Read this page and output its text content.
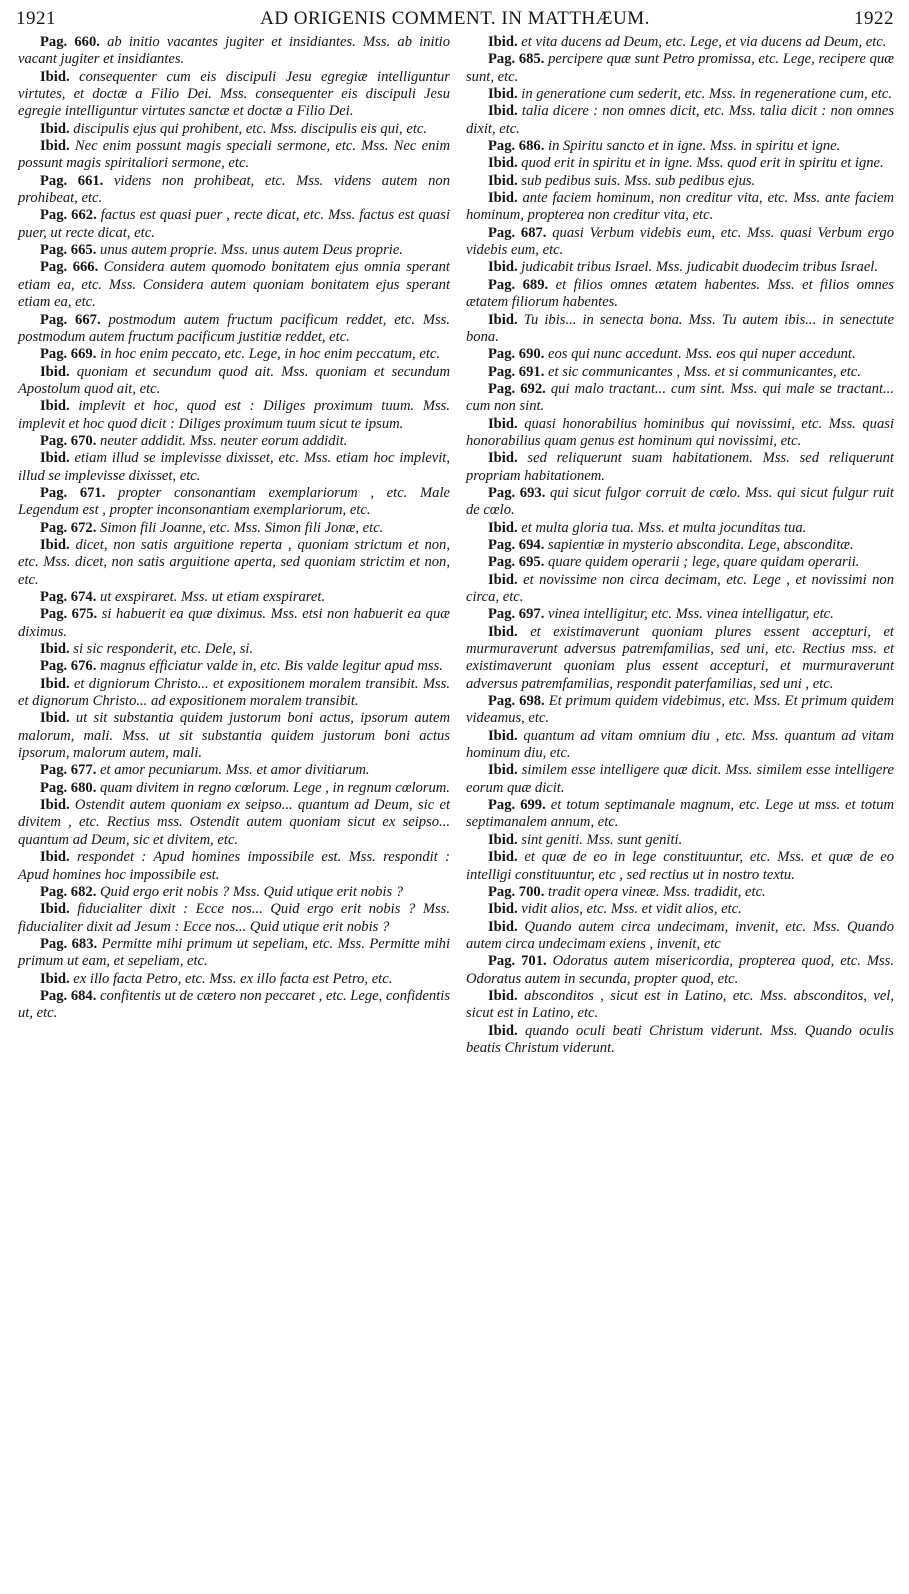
1921	AD ORIGENIS COMMENT. IN MATTHÆUM.	1922

Pag. 660. ab initio vacantes jugiter et insidiantes. Mss. ab initio vacant jugiter et insidiantes.

Ibid. consequenter cum eis discipuli Jesu egregiæ intelliguntur virtutes, et doctæ a Filio Dei. Mss. consequenter eis discipuli Jesu egregie intelliguntur virtutes sanctæ et doctæ a Filio Dei.

Ibid. discipulis ejus qui prohibent, etc. Mss. discipulis eis qui, etc.

Ibid. Nec enim possunt magis speciali sermone, etc. Mss. Nec enim possunt magis spiritaliori sermone, etc.

Pag. 661. videns non prohibeat, etc. Mss. videns autem non prohibeat, etc.

Pag. 662. factus est quasi puer , recte dicat, etc. Mss. factus est quasi puer, ut recte dicat, etc.

Pag. 665. unus autem proprie. Mss. unus autem Deus proprie.

Pag. 666. Considera autem quomodo bonitatem ejus omnia sperant etiam ea, etc. Mss. Considera autem quoniam bonitatem ejus sperant etiam ea, etc.

Pag. 667. postmodum autem fructum pacificum reddet, etc. Mss. postmodum autem fructum pacificum justitiæ reddet, etc.

Pag. 669. in hoc enim peccato, etc. Lege, in hoc enim peccatum, etc.

Ibid. quoniam et secundum quod ait. Mss. quoniam et secundum Apostolum quod ait, etc.

Ibid. implevit et hoc, quod est : Diliges proximum tuum. Mss. implevit et hoc quod dicit : Diliges proximum tuum sicut te ipsum.

Pag. 670. neuter addidit. Mss. neuter eorum addidit.

Ibid. etiam illud se implevisse dixisset, etc. Mss. etiam hoc implevit, illud se implevisse dixisset, etc.

Pag. 671. propter consonantiam exemplariorum , etc. Male Legendum est , propter inconsonantiam exemplariorum, etc.

Pag. 672. Simon fili Joanne, etc. Mss. Simon fili Jonæ, etc.

Ibid. dicet, non satis arguitione reperta , quoniam strictum et non, etc. Mss. dicet, non satis arguitione aperta, sed quoniam strictim et non, etc.

Pag. 674. ut exspiraret. Mss. ut etiam exspiraret.

Pag. 675. si habuerit ea quæ diximus. Mss. etsi non habuerit ea quæ diximus.

Ibid. si sic responderit, etc. Dele, si.

Pag. 676. magnus efficiatur valde in, etc. Bis valde legitur apud mss.

Ibid. et digniorum Christo... et expositionem moralem transibit. Mss. et dignorum Christo... ad expositionem moralem transibit.

Ibid. ut sit substantia quidem justorum boni actus, ipsorum autem malorum, mali. Mss. ut sit substantia quidem justorum boni actus ipsorum, malorum autem, mali.

Pag. 677. et amor pecuniarum. Mss. et amor divitiarum.

Pag. 680. quam divitem in regno cœlorum. Lege , in regnum cœlorum.

Ibid. Ostendit autem quoniam ex seipso... quantum ad Deum, sic et divitem , etc. Rectius mss. Ostendit autem quoniam sicut ex seipso... quantum ad Deum, sic et divitem, etc.

Ibid. respondet : Apud homines impossibile est. Mss. respondit : Apud homines hoc impossibile est.

Pag. 682. Quid ergo erit nobis ? Mss. Quid utique erit nobis ?

Ibid. fiducialiter dixit : Ecce nos... Quid ergo erit nobis ? Mss. fiducialiter dixit ad Jesum : Ecce nos... Quid utique erit nobis ?

Pag. 683. Permitte mihi primum ut sepeliam, etc. Mss. Permitte mihi primum ut eam, et sepeliam, etc.

Ibid. ex illo facta Petro, etc. Mss. ex illo facta est Petro, etc.

Pag. 684. confitentis ut de cætero non peccaret , etc. Lege, confidentis ut, etc.

Ibid. et vita ducens ad Deum, etc. Lege, et via ducens ad Deum, etc.

Pag. 685. percipere quæ sunt Petro promissa, etc. Lege, recipere quæ sunt, etc.

Ibid. in generatione cum sederit, etc. Mss. in regeneratione cum, etc.

Ibid. talia dicere : non omnes dicit, etc. Mss. talia dicit : non omnes dixit, etc.

Pag. 686. in Spiritu sancto et in igne. Mss. in spiritu et igne.

Ibid. quod erit in spiritu et in igne. Mss. quod erit in spiritu et igne.

Ibid. sub pedibus suis. Mss. sub pedibus ejus.

Ibid. ante faciem hominum, non creditur vita, etc. Mss. ante faciem hominum, propterea non creditur vita, etc.

Pag. 687. quasi Verbum videbis eum, etc. Mss. quasi Verbum ergo videbis eum, etc.

Ibid. judicabit tribus Israel. Mss. judicabit duodecim tribus Israel.

Pag. 689. et filios omnes ætatem habentes. Mss. et filios omnes ætatem filiorum habentes.

Ibid. Tu ibis... in senecta bona. Mss. Tu autem ibis... in senectute bona.

Pag. 690. eos qui nunc accedunt. Mss. eos qui nuper accedunt.

Pag. 691. et sic communicantes , Mss. et si communicantes, etc.

Pag. 692. qui malo tractant... cum sint. Mss. qui male se tractant... cum non sint.

Ibid. quasi honorabilius hominibus qui novissimi, etc. Mss. quasi honorabilius quam genus est hominum qui novissimi, etc.

Ibid. sed reliquerunt suam habitationem. Mss. sed reliquerunt propriam habitationem.

Pag. 693. qui sicut fulgor corruit de cœlo. Mss. qui sicut fulgur ruit de cœlo.

Ibid. et multa gloria tua. Mss. et multa jocunditas tua.

Pag. 694. sapientiæ in mysterio abscondita. Lege, absconditæ.

Pag. 695. quare quidem operarii ; lege, quare quidam operarii.

Ibid. et novissime non circa decimam, etc. Lege , et novissimi non circa, etc.

Pag. 697. vinea intelligitur, etc. Mss. vinea intelligatur, etc.

Ibid. et existimaverunt quoniam plures essent accepturi, et murmuraverunt adversus patremfamilias, sed uni, etc. Rectius mss. et existimaverunt quoniam plus essent accepturi, et murmuraverunt adversus patremfamilias, respondit paterfamilias, sed uni , etc.

Pag. 698. Et primum quidem videbimus, etc. Mss. Et primum quidem videamus, etc.

Ibid. quantum ad vitam omnium diu , etc. Mss. quantum ad vitam hominum diu, etc.

Ibid. similem esse intelligere quæ dicit. Mss. similem esse intelligere eorum quæ dicit.

Pag. 699. et totum septimanale magnum, etc. Lege ut mss. et totum septimanalem annum, etc.

Ibid. sint geniti. Mss. sunt geniti.

Ibid. et quæ de eo in lege constituuntur, etc. Mss. et quæ de eo intelligi constituuntur, etc , sed rectius ut in nostro textu.

Pag. 700. tradit opera vineæ. Mss. tradidit, etc.

Ibid. vidit alios, etc. Mss. et vidit alios, etc.

Ibid. Quando autem circa undecimam, invenit, etc. Mss. Quando autem circa undecimam exiens , invenit, etc

Pag. 701. Odoratus autem misericordia, propterea quod, etc. Mss. Odoratus autem in secunda, propter quod, etc.

Ibid. absconditos , sicut est in Latino, etc. Mss. absconditos, vel, sicut est in Latino, etc.

Ibid. quando oculi beati Christum viderunt. Mss. Quando oculis beatis Christum viderunt.
